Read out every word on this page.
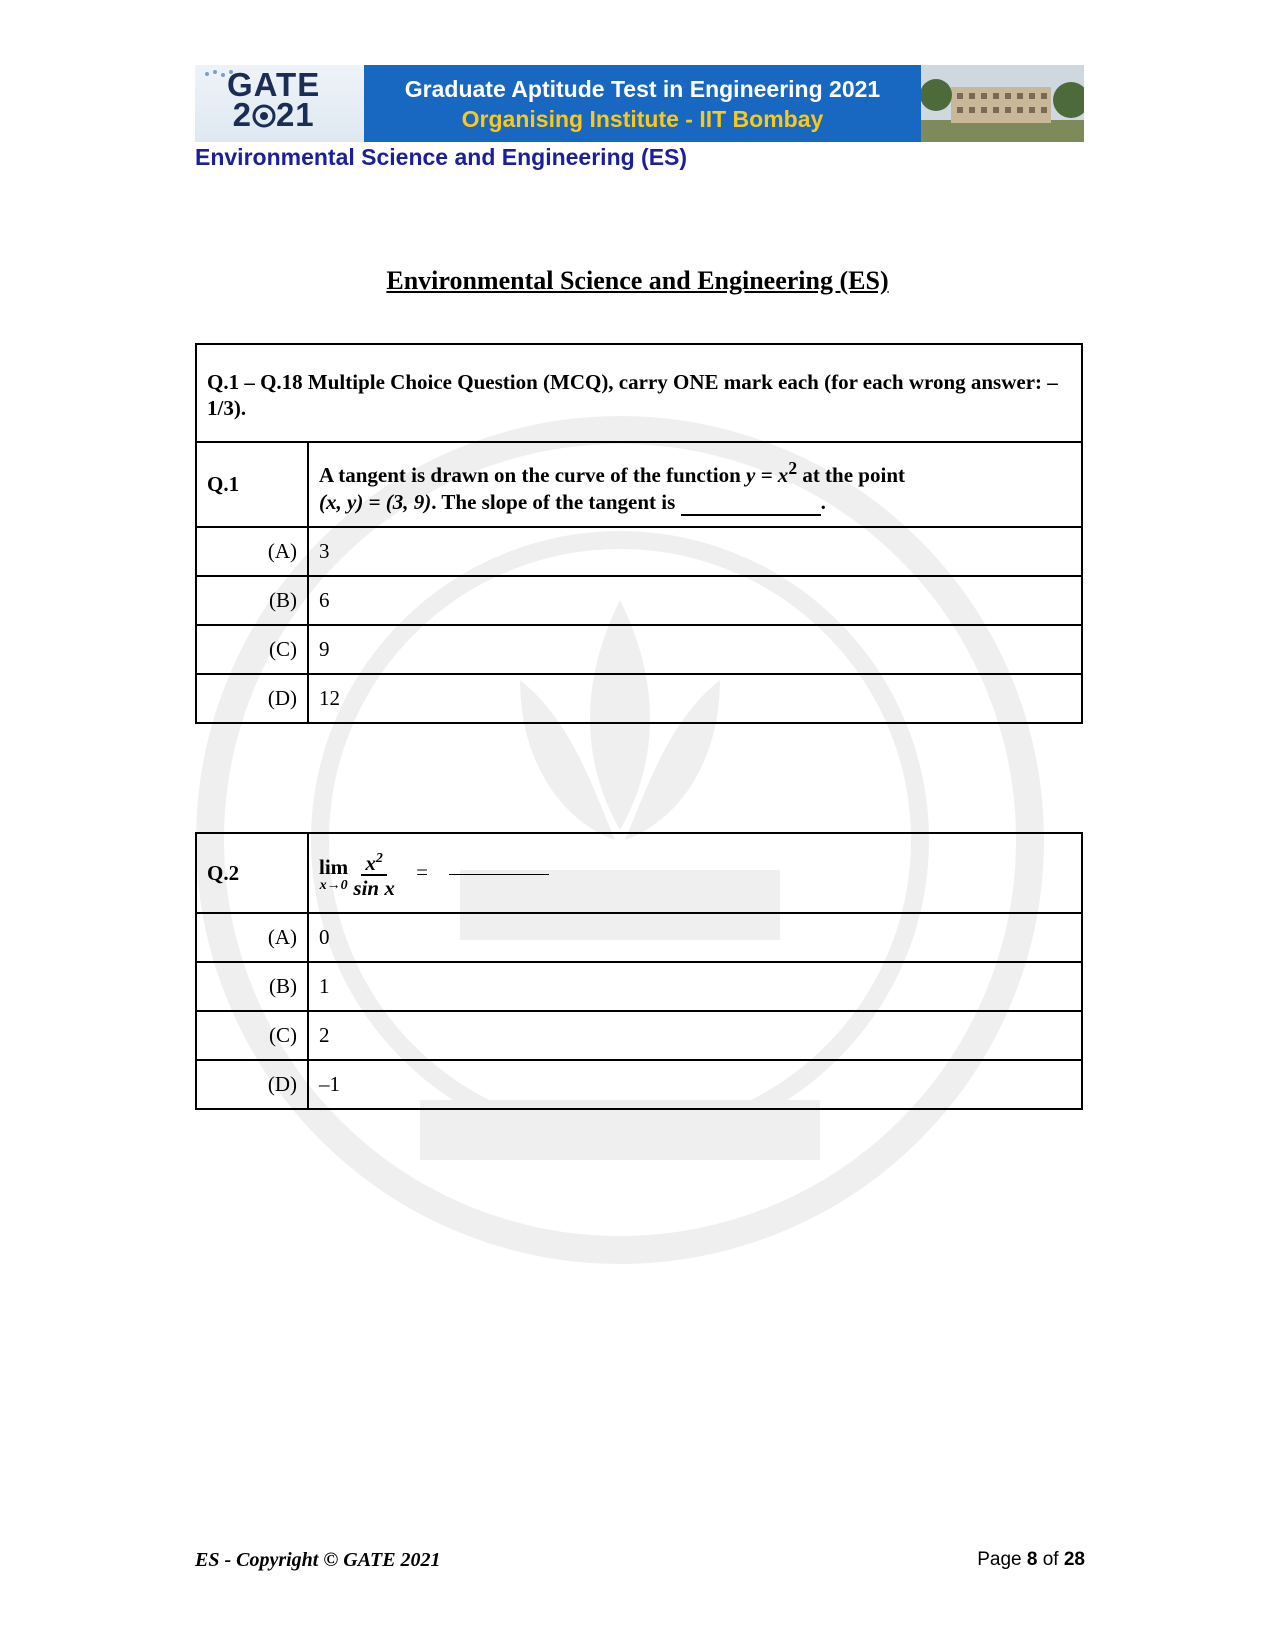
GATE
2 21
Graduate Aptitude Test in Engineering 2021
Organising Institute - IIT Bombay
Environmental Science and Engineering (ES)
Environmental Science and Engineering (ES)
Q.1 – Q.18 Multiple Choice Question (MCQ), carry ONE mark each (for each wrong answer: – 1/3).	
Q.1	A tangent is drawn on the curve of the function $y = x^2$ at the point
(x, y) = (3, 9). The slope of the tangent is .
(A)	3
(B)	6
(C)	9
(D)	12
Q.2	lim
x→0
$\frac{x^2}{\text{sin x}}$ =
(A)	0
(B)	1
(C)	2
(D)	–1
ES - Copyright © GATE 2021	Page 8 of 28
